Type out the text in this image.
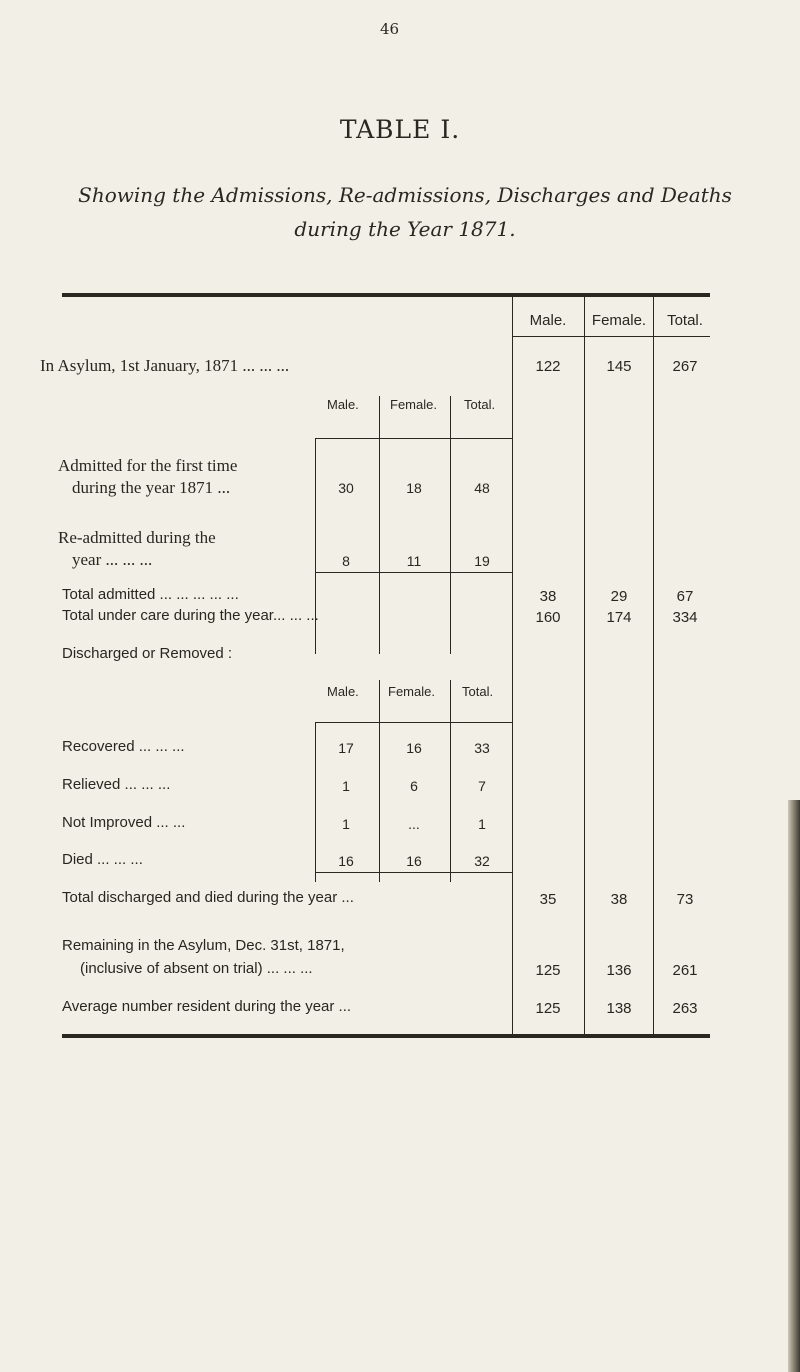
46
TABLE I.
Showing the Admissions, Re-admissions, Discharges and Deaths
during the Year 1871.
Male.	Female.	Total.
In Asylum, 1st January, 1871 ... ... ...	122	145	267
Male. Female. Total.
Admitted for the first time
during the year 1871 ...	30	18	48
Re-admitted during the
year ... ... ...	8	11	19
Total admitted ... ... ... ... ...	38	29	67
Total under care during the year... ... ...	160	174	334
Discharged or Removed :
Male. Female. Total.
Recovered ... ... ...	17	16	33
Relieved ... ... ...	1	6	7
Not Improved ... ...	1	...	1
Died ... ... ...	16	16	32
Total discharged and died during the year ...	35	38	73
Remaining in the Asylum, Dec. 31st, 1871,
(inclusive of absent on trial) ... ... ...	125	136	261
Average number resident during the year ...	125	138	263
